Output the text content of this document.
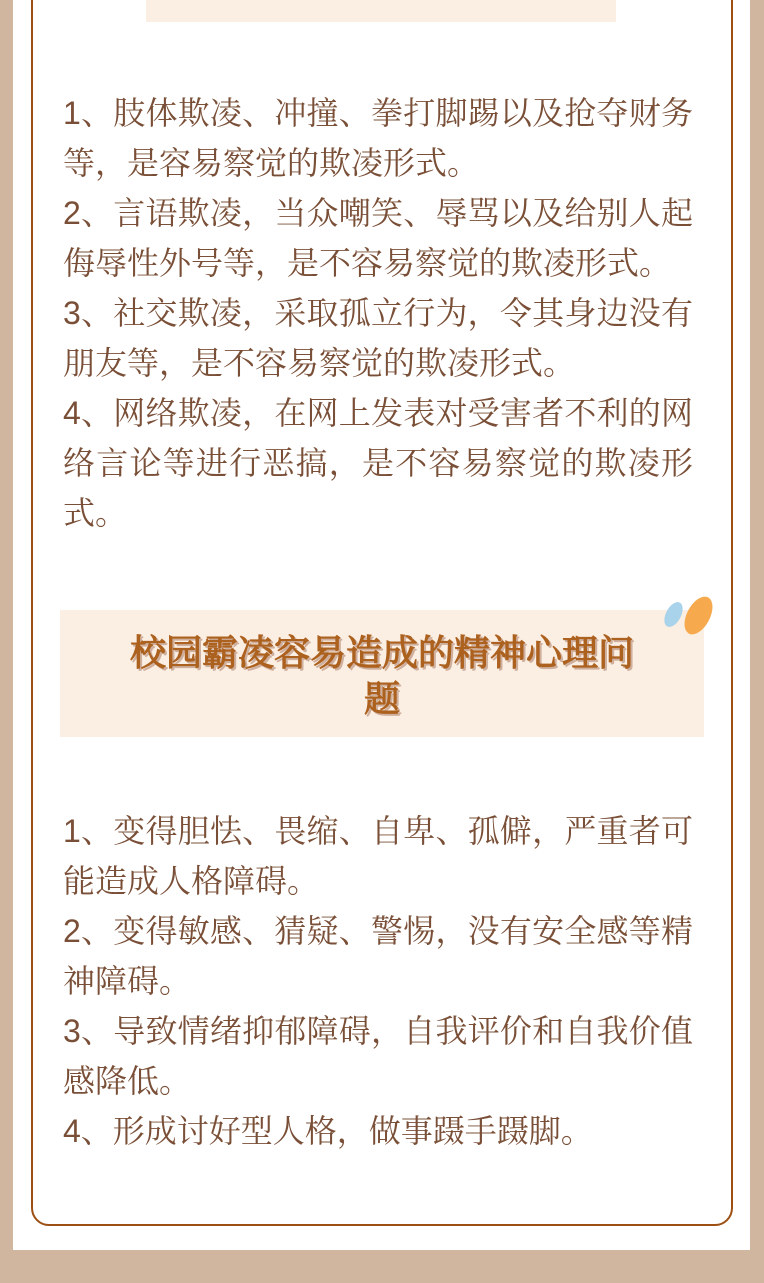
1、肢体欺凌、冲撞、拳打脚踢以及抢夺财务等，是容易察觉的欺凌形式。

2、言语欺凌，当众嘲笑、辱骂以及给别人起侮辱性外号等，是不容易察觉的欺凌形式。

3、社交欺凌，采取孤立行为，令其身边没有朋友等，是不容易察觉的欺凌形式。

4、网络欺凌，在网上发表对受害者不利的网络言论等进行恶搞，是不容易察觉的欺凌形式。

校园霸凌容易造成的精神心理问题

1、变得胆怯、畏缩、自卑、孤僻，严重者可能造成人格障碍。

2、变得敏感、猜疑、警惕，没有安全感等精神障碍。

3、导致情绪抑郁障碍，自我评价和自我价值感降低。

4、形成讨好型人格，做事蹑手蹑脚。
